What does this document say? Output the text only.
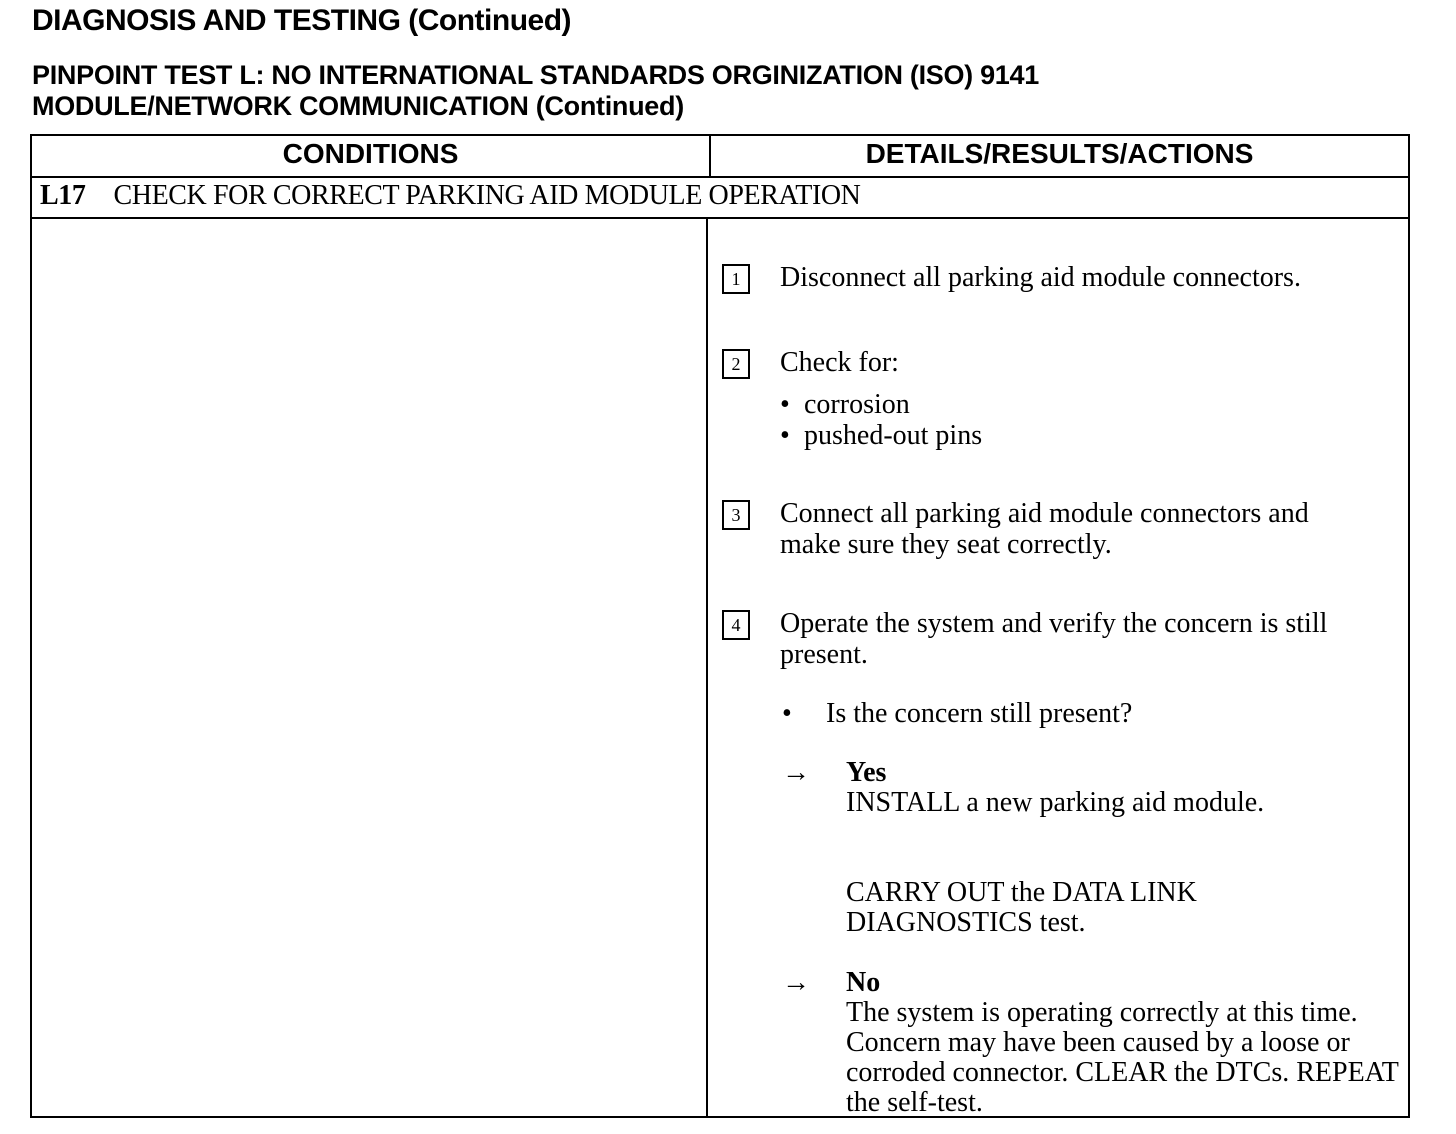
DIAGNOSIS AND TESTING (Continued)
PINPOINT TEST L: NO INTERNATIONAL STANDARDS ORGINIZATION (ISO) 9141
MODULE/NETWORK COMMUNICATION (Continued)
CONDITIONS	DETAILS/RESULTS/ACTIONS
L17 CHECK FOR CORRECT PARKING AID MODULE OPERATION
1	Disconnect all parking aid module connectors.
2	Check for:
• corrosion
• pushed-out pins
3	Connect all parking aid module connectors and make sure they seat correctly.
4	Operate the system and verify the concern is still present.
• Is the concern still present?
→ Yes
INSTALL a new parking aid module.
CARRY OUT the DATA LINK DIAGNOSTICS test.
→ No
The system is operating correctly at this time. Concern may have been caused by a loose or corroded connector. CLEAR the DTCs. REPEAT the self-test.
